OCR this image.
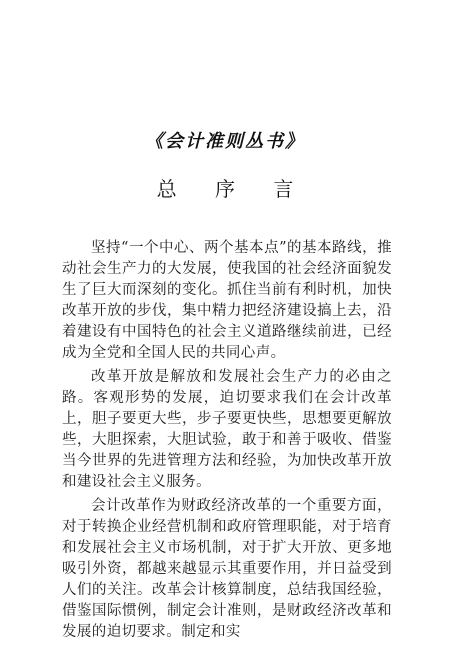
《会计准则丛书》
总 序 言

坚持“一个中心、两个基本点”的基本路线，推动社会生产力的大发展，使我国的社会经济面貌发生了巨大而深刻的变化。抓住当前有利时机，加快改革开放的步伐，集中精力把经济建设搞上去，沿着建设有中国特色的社会主义道路继续前进，已经成为全党和全国人民的共同心声。

改革开放是解放和发展社会生产力的必由之路。客观形势的发展，迫切要求我们在会计改革上，胆子要更大些，步子要更快些，思想要更解放些，大胆探索，大胆试验，敢于和善于吸收、借鉴当今世界的先进管理方法和经验，为加快改革开放和建设社会主义服务。

会计改革作为财政经济改革的一个重要方面，对于转换企业经营机制和政府管理职能，对于培育和发展社会主义市场机制，对于扩大开放、更多地吸引外资，都越来越显示其重要作用，并日益受到人们的关注。改革会计核算制度，总结我国经验，借鉴国际惯例，制定会计准则，是财政经济改革和发展的迫切要求。制定和实
